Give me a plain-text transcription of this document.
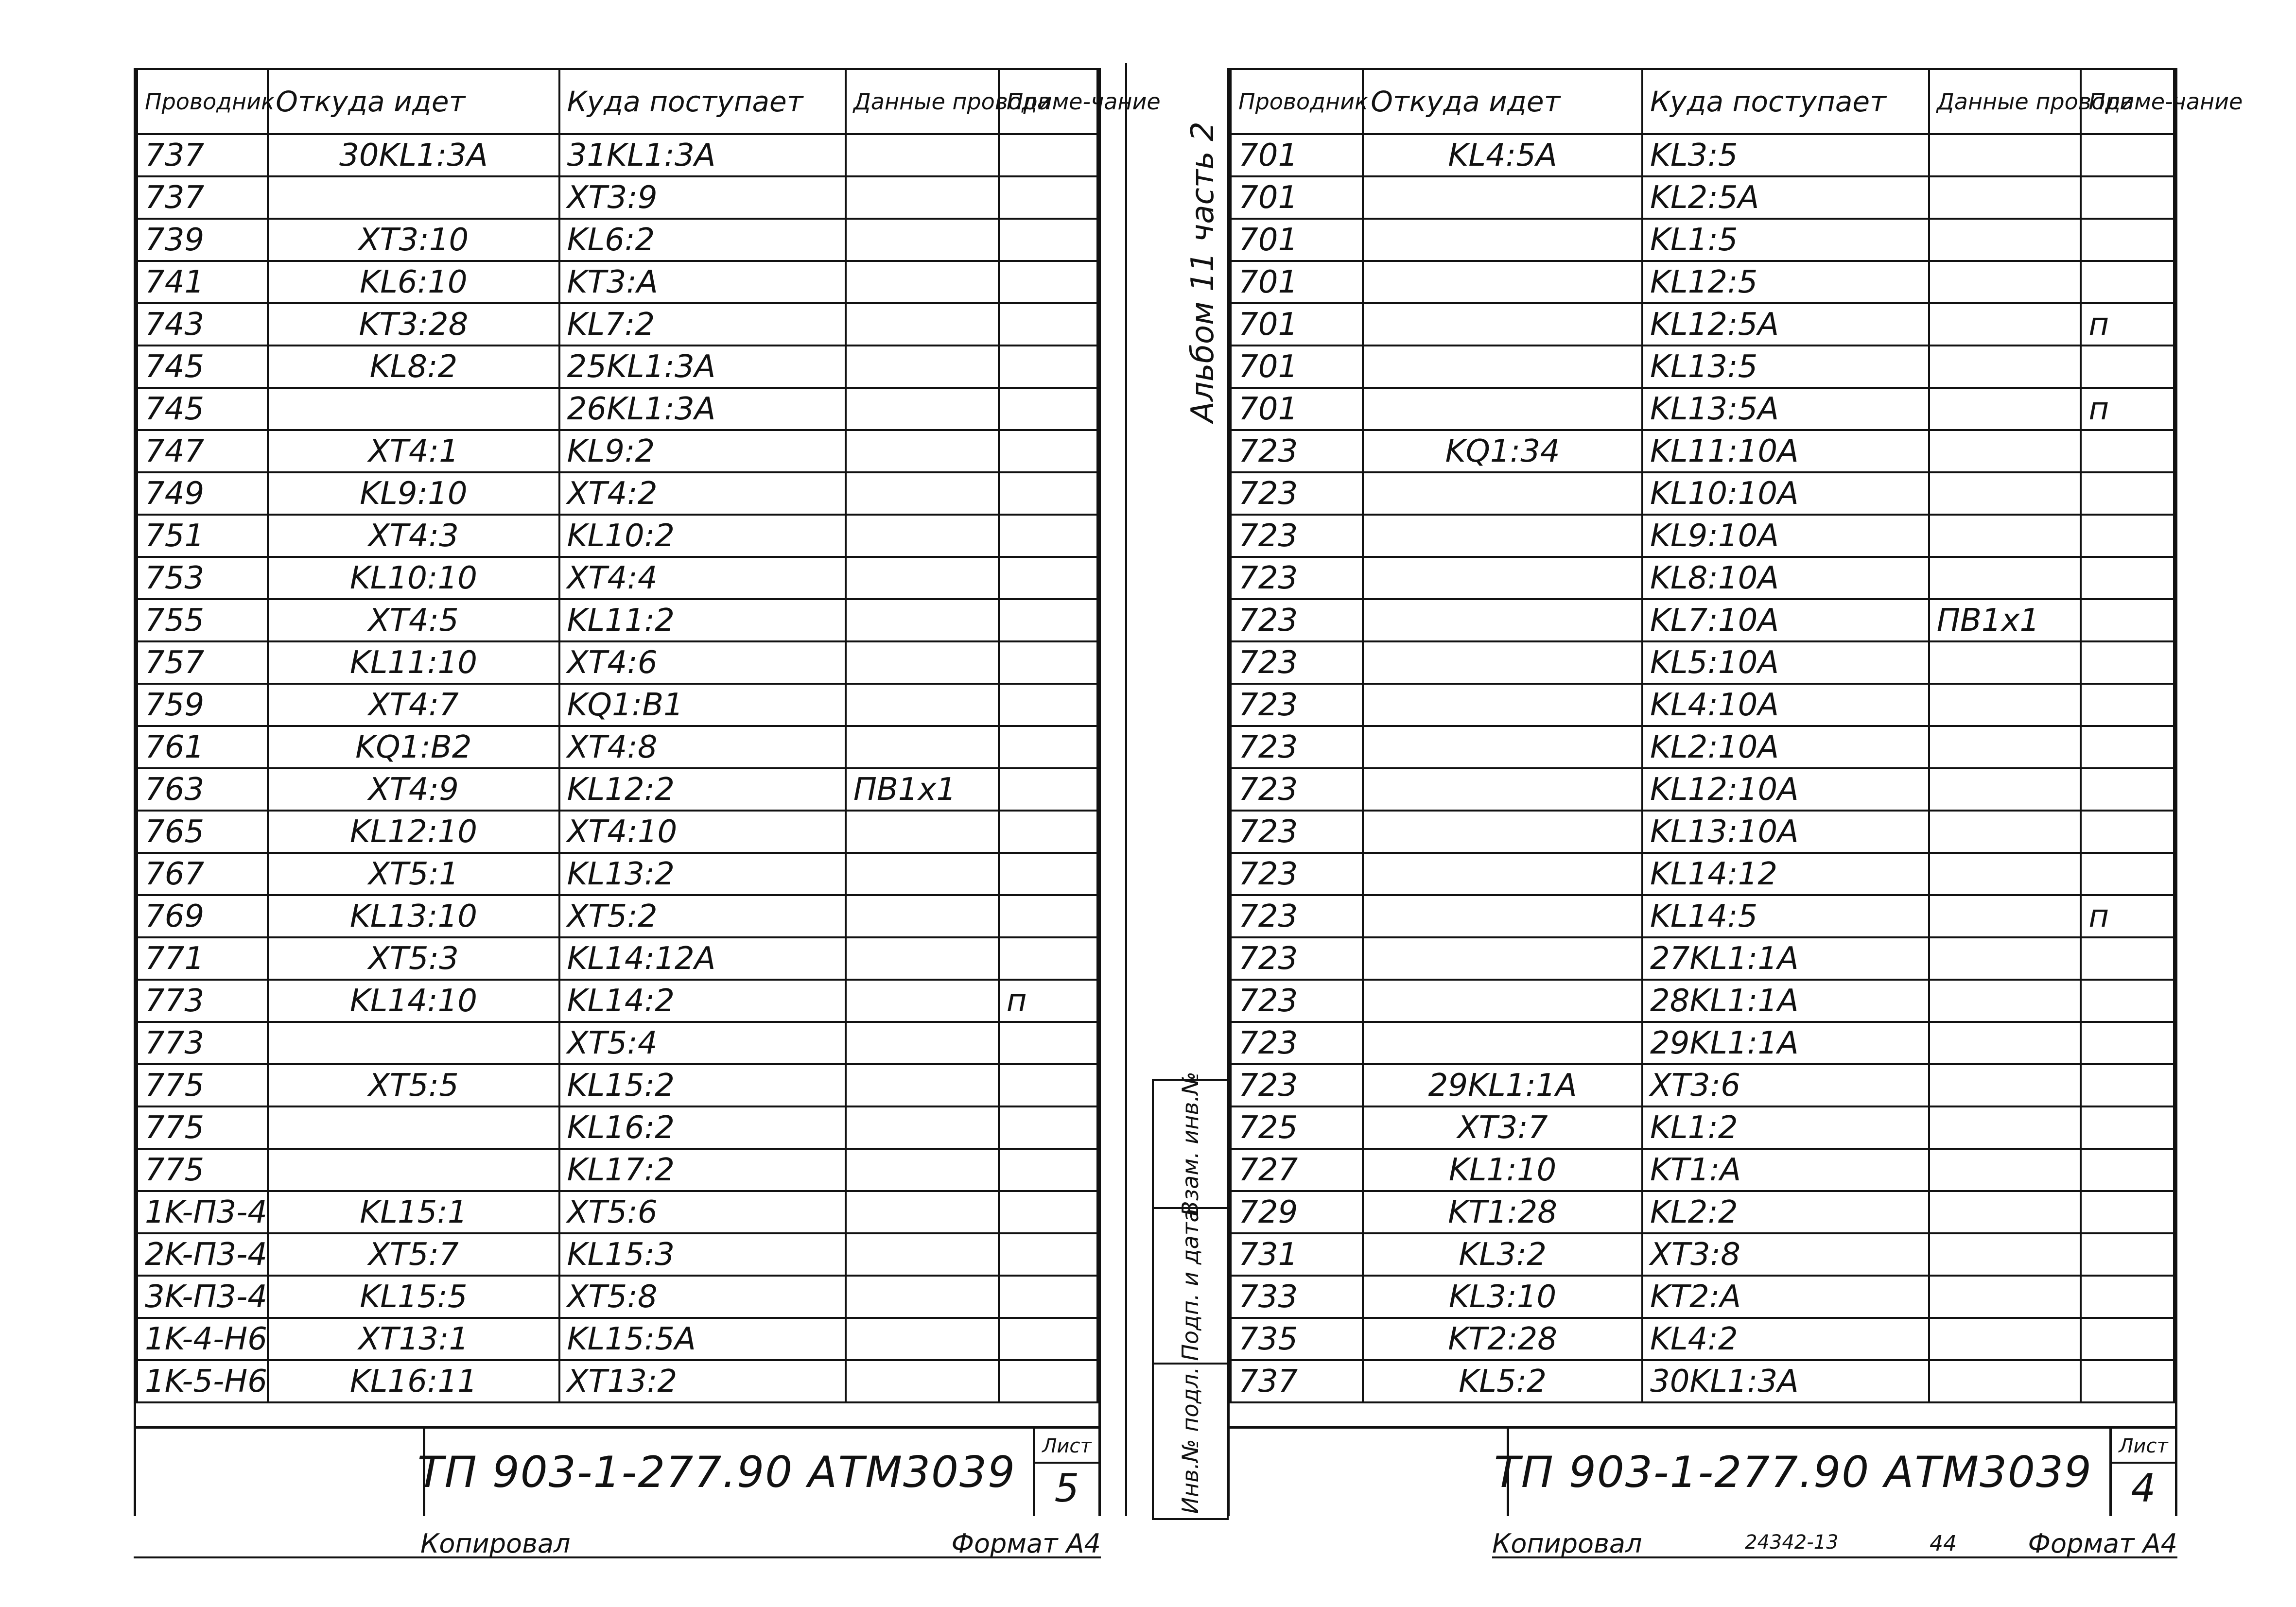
Проводник	Откуда идет	Куда поступает	Данные провода	Приме-чание
737	30KL1:3A	31KL1:3A		
737		XT3:9		
739	XT3:10	KL6:2		
741	KL6:10	KT3:A		
743	KT3:28	KL7:2		
745	KL8:2	25KL1:3A		
745		26KL1:3A		
747	XT4:1	KL9:2		
749	KL9:10	XT4:2		
751	XT4:3	KL10:2		
753	KL10:10	XT4:4		
755	XT4:5	KL11:2		
757	KL11:10	XT4:6		
759	XT4:7	KQ1:B1		
761	KQ1:B2	XT4:8		
763	XT4:9	KL12:2	ПВ1х1	
765	KL12:10	XT4:10		
767	XT5:1	KL13:2		
769	KL13:10	XT5:2		
771	XT5:3	KL14:12A		
773	KL14:10	KL14:2		п
773		XT5:4		
775	XT5:5	KL15:2		
775		KL16:2		
775		KL17:2		
1K-П3-4	KL15:1	XT5:6		
2K-П3-4	XT5:7	KL15:3		
3K-П3-4	KL15:5	XT5:8		
1K-4-H6	XT13:1	KL15:5A		
1K-5-H6	KL16:11	XT13:2		
ТП 903-1-277.90 АТМ3039
Лист
5
Копировал	Формат А4
Альбом 11 часть 2
Взам. инв.№
Подп. и дата
Инв.№ подл.
Проводник	Откуда идет	Куда поступает	Данные провода	Приме-чание
701	KL4:5A	KL3:5		
701		KL2:5A		
701		KL1:5		
701		KL12:5		
701		KL12:5A		п
701		KL13:5		
701		KL13:5A		п
723	KQ1:34	KL11:10A		
723		KL10:10A		
723		KL9:10A		
723		KL8:10A		
723		KL7:10A	ПВ1х1	
723		KL5:10A		
723		KL4:10A		
723		KL2:10A		
723		KL12:10A		
723		KL13:10A		
723		KL14:12		
723		KL14:5		п
723		27KL1:1A		
723		28KL1:1A		
723		29KL1:1A		
723	29KL1:1A	XT3:6		
725	XT3:7	KL1:2		
727	KL1:10	KT1:A		
729	KT1:28	KL2:2		
731	KL3:2	XT3:8		
733	KL3:10	KT2:A		
735	KT2:28	KL4:2		
737	KL5:2	30KL1:3A		
ТП 903-1-277.90 АТМ3039
Лист
4
Копировал	24342-13	44	Формат А4
